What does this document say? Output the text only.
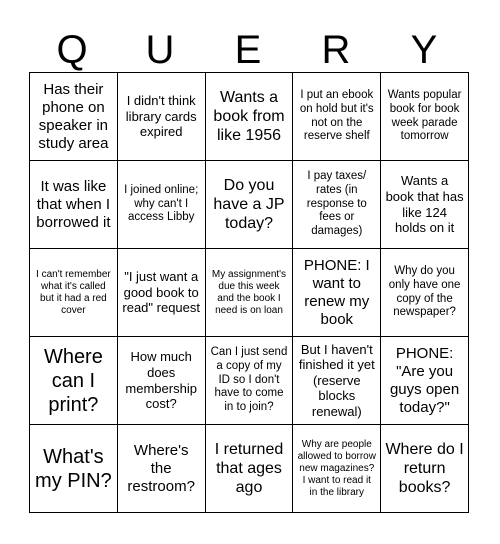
Q	U	E	R	Y
Has their phone on speaker in study area
I didn't think library cards expired
Wants a book from like 1956
I put an ebook on hold but it's not on the reserve shelf
Wants popular book for book week parade tomorrow
It was like that when I borrowed it
I joined online; why can't I access Libby
Do you have a JP today?
I pay taxes/ rates (in response to fees or damages)
Wants a book that has like 124 holds on it
I can't remember what it's called but it had a red cover
"I just want a good book to read" request
My assignment's due this week and the book I need is on loan
PHONE: I want to renew my book
Why do you only have one copy of the newspaper?
Where can I print?
How much does membership cost?
Can I just send a copy of my ID so I don't have to come in to join?
But I haven't finished it yet (reserve blocks renewal)
PHONE: "Are you guys open today?"
What's my PIN?
Where's the restroom?
I returned that ages ago
Why are people allowed to borrow new magazines? I want to read it in the library
Where do I return books?
